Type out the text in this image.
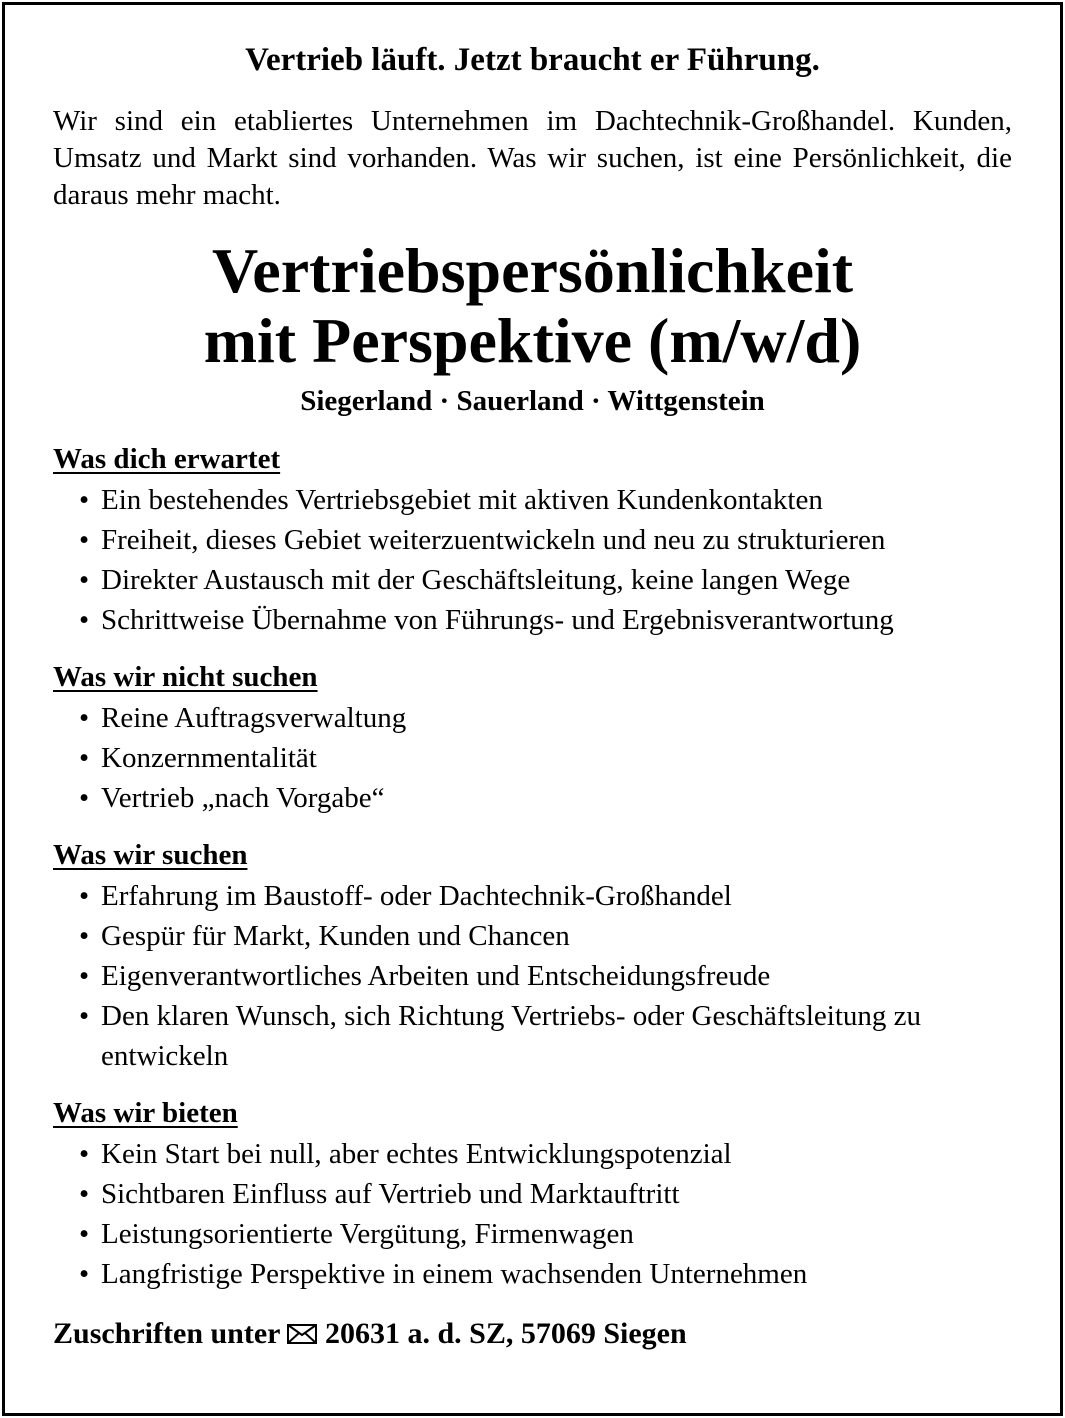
Vertrieb läuft. Jetzt braucht er Führung.

Wir sind ein etabliertes Unternehmen im Dachtechnik-Großhandel. Kunden, Umsatz und Markt sind vorhanden. Was wir suchen, ist eine Persönlichkeit, die daraus mehr macht.

Vertriebspersönlichkeit
mit Perspektive (m/w/d)
Siegerland · Sauerland · Wittgenstein
Was dich erwartet
• Ein bestehendes Vertriebsgebiet mit aktiven Kundenkontakten
• Freiheit, dieses Gebiet weiterzuentwickeln und neu zu strukturieren
• Direkter Austausch mit der Geschäftsleitung, keine langen Wege
• Schrittweise Übernahme von Führungs- und Ergebnisverantwortung
Was wir nicht suchen
• Reine Auftragsverwaltung
• Konzernmentalität
• Vertrieb „nach Vorgabe“
Was wir suchen
• Erfahrung im Baustoff- oder Dachtechnik-Großhandel
• Gespür für Markt, Kunden und Chancen
• Eigenverantwortliches Arbeiten und Entscheidungsfreude
• Den klaren Wunsch, sich Richtung Vertriebs- oder Geschäftsleitung zu entwickeln
Was wir bieten
• Kein Start bei null, aber echtes Entwicklungspotenzial
• Sichtbaren Einfluss auf Vertrieb und Marktauftritt
• Leistungsorientierte Vergütung, Firmenwagen
• Langfristige Perspektive in einem wachsenden Unternehmen
Zuschriften unter 20631 a. d. SZ, 57069 Siegen
